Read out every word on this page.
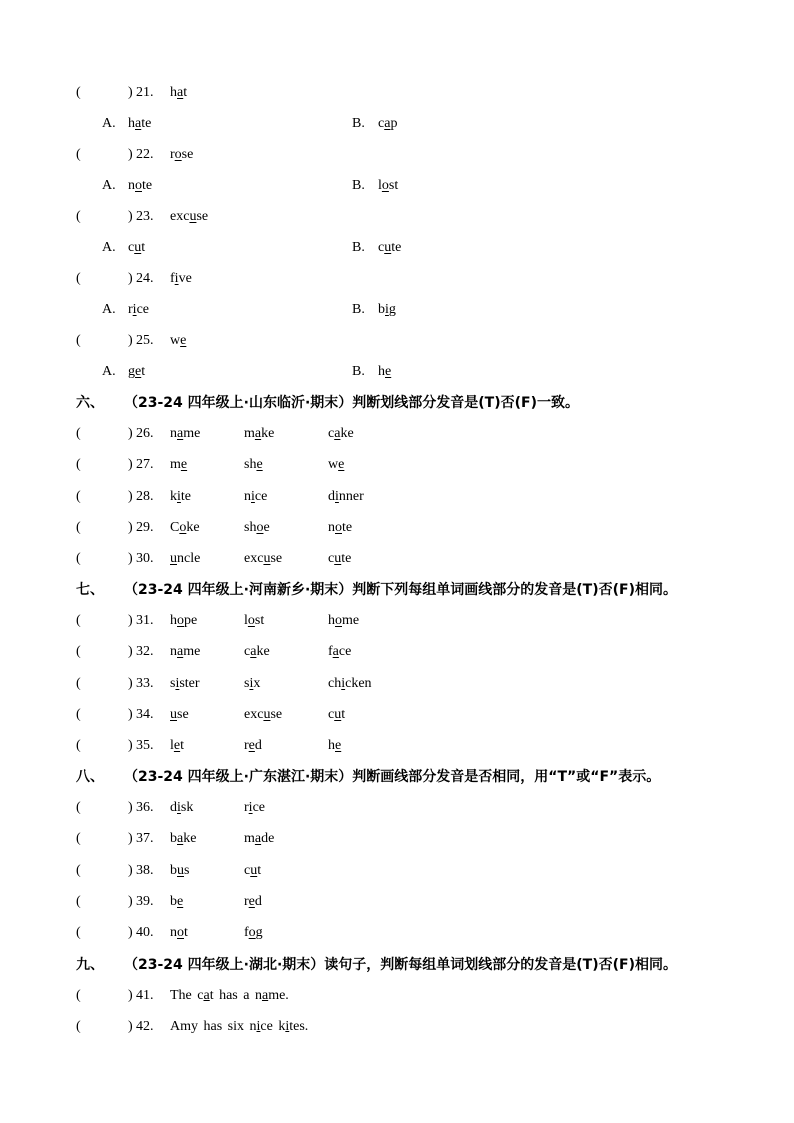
(	) 21. hat
A. hate	B. cap
(	) 22. rose
A. note	B. lost
(	) 23. excuse
A. cut	B. cute
(	) 24. five
A. rice	B. big
(	) 25. we
A. get	B. he
六、 （23-24 四年级上·山东临沂·期末）判断划线部分发音是(T)否(F)一致。
(	) 26. name	make	cake
(	) 27. me	she	we
(	) 28. kite	nice	dinner
(	) 29. Coke	shoe	note
(	) 30. uncle	excuse	cute
七、 （23-24 四年级上·河南新乡·期末）判断下列每组单词画线部分的发音是(T)否(F)相同。
(	) 31. hope	lost	home
(	) 32. name	cake	face
(	) 33. sister	six	chicken
(	) 34. use	excuse	cut
(	) 35. let	red	he
八、 （23-24 四年级上·广东湛江·期末）判断画线部分发音是否相同，用“T”或“F”表示。
(	) 36. disk	rice
(	) 37. bake	made
(	) 38. bus	cut
(	) 39. be	red
(	) 40. not	fog
九、 （23-24 四年级上·湖北·期末）读句子，判断每组单词划线部分的发音是(T)否(F)相同。
(	) 41. The cat has a name.
(	) 42. Amy has six nice kites.
